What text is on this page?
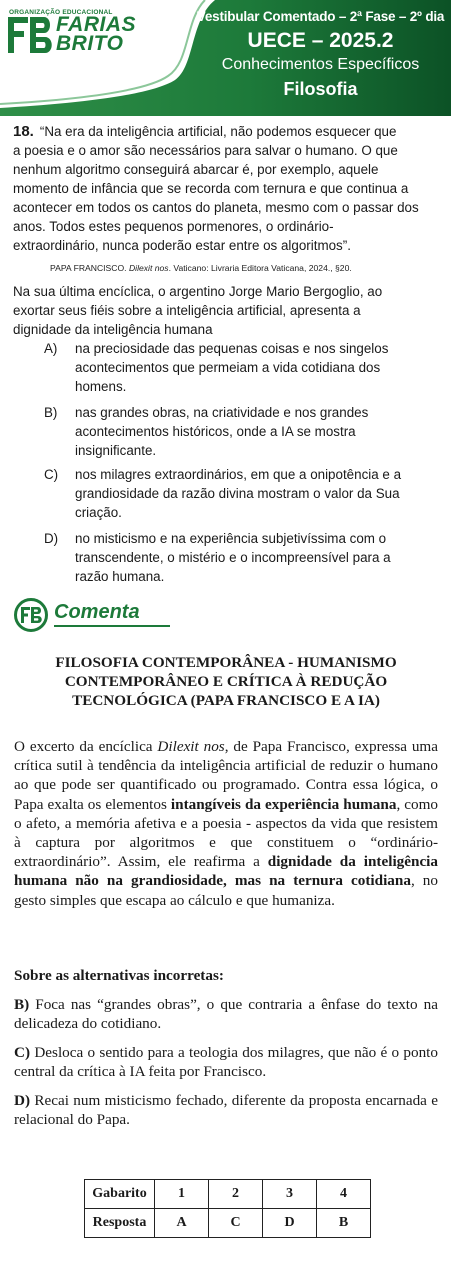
ORGANIZAÇÃO EDUCACIONAL
FARIAS
BRITO
Vestibular Comentado – 2ª Fase – 2º dia
UECE – 2025.2
Conhecimentos Específicos
Filosofia
18. “Na era da inteligência artificial, não podemos esquecer que
a poesia e o amor são necessários para salvar o humano. O que
nenhum algoritmo conseguirá abarcar é, por exemplo, aquele
momento de infância que se recorda com ternura e que continua a
acontecer em todos os cantos do planeta, mesmo com o passar dos
anos. Todos estes pequenos pormenores, o ordinário-
extraordinário, nunca poderão estar entre os algoritmos”.
PAPA FRANCISCO. Dilexit nos. Vaticano: Livraria Editora Vaticana, 2024., §20.
Na sua última encíclica, o argentino Jorge Mario Bergoglio, ao
exortar seus fiéis sobre a inteligência artificial, apresenta a
dignidade da inteligência humana
A)	na preciosidade das pequenas coisas e nos singelos
acontecimentos que permeiam a vida cotidiana dos
homens.
B)	nas grandes obras, na criatividade e nos grandes
acontecimentos históricos, onde a IA se mostra
insignificante.
C)	nos milagres extraordinários, em que a onipotência e a
grandiosidade da razão divina mostram o valor da Sua
criação.
D)	no misticismo e na experiência subjetivíssima com o
transcendente, o mistério e o incompreensível para a
razão humana.
Comenta
FILOSOFIA CONTEMPORÂNEA - HUMANISMO
CONTEMPORÂNEO E CRÍTICA À REDUÇÃO
TECNOLÓGICA (PAPA FRANCISCO E A IA)
O excerto da encíclica Dilexit nos, de Papa Francisco, expressa uma crítica sutil à tendência da inteligência artificial de reduzir o humano ao que pode ser quantificado ou programado. Contra essa lógica, o Papa exalta os elementos intangíveis da experiência humana, como o afeto, a memória afetiva e a poesia - aspectos da vida que resistem à captura por algoritmos e que constituem o “ordinário-extraordinário”. Assim, ele reafirma a dignidade da inteligência humana não na grandiosidade, mas na ternura cotidiana, no gesto simples que escapa ao cálculo e que humaniza.
Sobre as alternativas incorretas:
B) Foca nas “grandes obras”, o que contraria a ênfase do texto na delicadeza do cotidiano.
C) Desloca o sentido para a teologia dos milagres, que não é o ponto central da crítica à IA feita por Francisco.
D) Recai num misticismo fechado, diferente da proposta encarnada e relacional do Papa.
Gabarito	1	2	3	4
Resposta	A	C	D	B
